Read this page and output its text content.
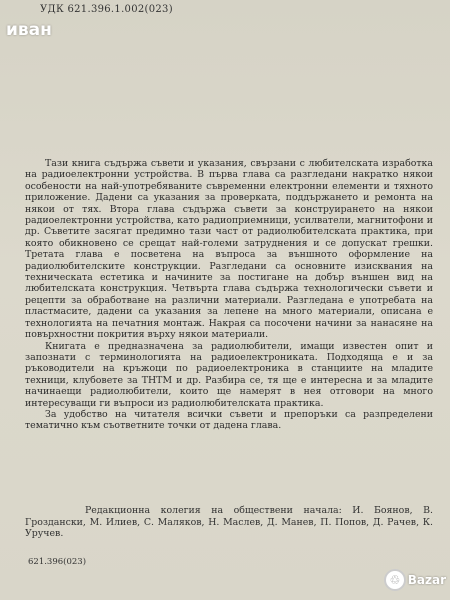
УДК 621.396.1.002(023)
иван

Тази книга съдържа съвети и указания, свързани с любителската изработка на радиоелектронни устройства. В първа глава са разгледани накратко някои особености на най-употребяваните съвременни електронни елементи и тяхното приложение. Дадени са указания за проверката, поддържането и ремонта на някои от тях. Втора глава съдържа съвети за конструирането на някои радиоелектронни устройства, като радиоприемници, усилватели, магнитофони и др. Съветите засягат предимно тази част от радиолюбителската практика, при която обикновено се срещат най-големи затруднения и се допускат грешки. Третата глава е посветена на въпроса за външното оформление на радиолюбителските конструкции. Разгледани са основните изисквания на техническата естетика и начините за постигане на добър външен вид на любителската конструкция. Четвърта глава съдържа технологически съвети и рецепти за обработване на различни материали. Разгледана е употребата на пластмасите, дадени са указания за лепене на много материали, описана е технологията на печатния монтаж. Накрая са посочени начини за нанасяне на повърхностни покрития върху някои материали.

Книгата е предназначена за радиолюбители, имащи известен опит и запознати с терминологията на радиоелектрониката. Подходяща е и за ръководители на кръжоци по радиоелектроника в станциите на младите техници, клубовете за ТНТМ и др. Разбира се, тя ще е интересна и за младите начинаещи радиолюбители, които ще намерят в нея отговори на много интересуващи ги въпроси из радиолюбителската практика.

За удобство на читателя всички съвети и препоръки са разпределени тематично към съответните точки от дадена глава.

Редакционна колегия на обществени начала: И. Боянов, В. Гроздански, М. Илиев, С. Маляков, Н. Маслев, Д. Манев, П. Попов, Д. Рачев, К. Уручев.

621.396(023)
♲ Bazar
